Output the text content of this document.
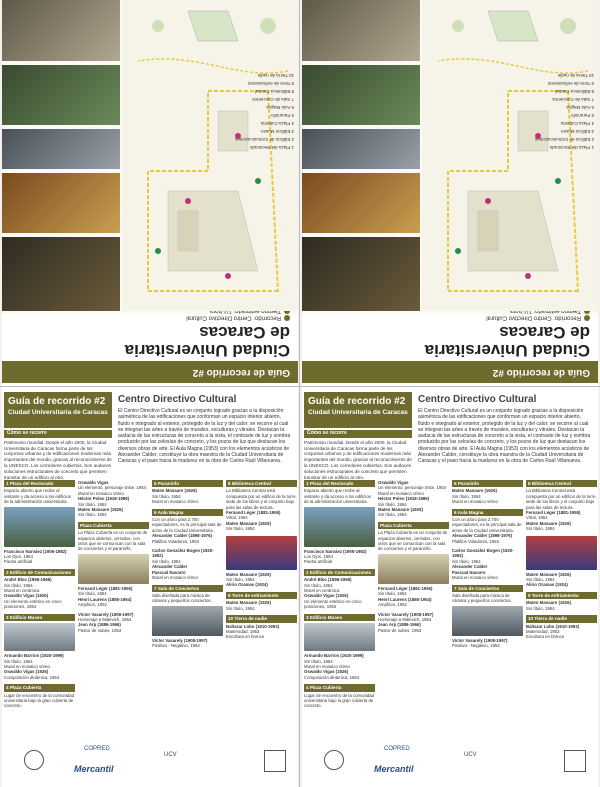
Guía de recorrido #2
Ciudad Universitaria
de Caracas
Recorrido: Centro Directivo Cultural
1 Plaza del Rectorado
2 Edificio de Comunicaciones
3 Edificio Museo
4 Plaza Cubierta
5 Paraninfo
6 Aula Magna
7 Sala de Conciertos
8 Biblioteca Central
9 Torre de enfriamiento
10 Tierra de nadie
Guía de recorrido #2
Ciudad Universitaria de Caracas
Centro Directivo Cultural
El Centro Directivo Cultural es un conjunto logrado gracias a la disposición asimétrica de las edificaciones que conforman un espacio interior abierto, fluido e integrado al exterior, protegido de la luz y del calor; se recorre al cual se integran las artes a través de murales, esculturas y vitrales. Destacan la audacia de las estructuras de concreto a la vista, el contraste de luz y sombra producido por las celosías de concreto, y los pozos de luz que destacan los diversos obras de arte. El Aula Magna (1953) con los elementos acústicos de Alexander Calder, constituye la obra maestra de la Ciudad Universitaria de Caracas y el paso hacia la madurez en la obra de Carlos Raúl Villanueva.
Cómo se recorre
Patrimonio mundial. Desde el año 2000, la Ciudad Universitaria de Caracas forma parte de los conjuntos urbanos y de edificaciones modernas más importantes del mundo, gracias al reconocimiento de la UNESCO. Los corredores cubiertos. Son audaces soluciones estructurales de concreto que permiten transitar de un edificio al otro.
1 Plaza del Rectorado
Espacio abierto que recibe al visitante y da acceso a los edificios de la administración universitaria.
Francisco Narváez (1905-1982)
Los Ojos, 1954
Piedra artificial
2 Edificio de Comunicaciones
André Bloc (1896-1966)
Sin título, 1954
Mural en cerámica
Oswaldo Vigas (1926)
Un elemento estético en cinco posiciones, 1954
3 Edificio Museo
Armando Barrios (1920-1999)
Sin título, 1954
Mural en mosaico vítreo
Oswaldo Vigas (1926)
Composición dinámica, 1954
4 Plaza Cubierta
Lugar de encuentro de la comunidad universitaria bajo la gran cubierta de concreto.
Oswaldo Vigas
Un elemento, personaje triste, 1954
Mural en mosaico vítreo
Héctor Poleo (1918-1989)
Sin título, 1954
Mateo Manaure (1926)
Sin título, 1954
Plaza Cubierta
La Plaza Cubierta es un conjunto de espacios abiertos, cerrados, con otros que se comunican con la sala de conciertos y el paraninfo.
Fernand Léger (1881-1955)
Sin título, 1954
Henri Laurens (1885-1954)
Amphion, 1952
Víctor Vasarely (1908-1997)
Homenaje a Malevich, 1954
Jean Arp (1886-1966)
Pastor de nubes, 1953
5 Paraninfo
Mateo Manaure (1926)
Sin título, 1954
Mural en mosaico vítreo
6 Aula Magna
Con un aforo para 2.700 espectadores, es la principal sala de actos de la Ciudad Universitaria.
Alexander Calder (1898-1976)
Platillos Voladores, 1953
Carlos González Bogen (1920-1992)
Sin título, 1954
Alexander Calder
Pascual Navarro
Mural en mosaico vítreo
7 Sala de Conciertos
Sala diseñada para música de cámara y pequeños conciertos.
Víctor Vasarely (1908-1997)
Positivo - Negativo, 1954
8 Biblioteca Central
La Biblioteca Central está compuesta por un edificio de la torre, sede de los libros y el conjunto bajo para las salas de lectura.
Fernand Léger (1881-1955)
Vitral, 1954
Mateo Manaure (1926)
Sin título, 1954
Mateo Manaure (1926)
Sin título, 1954
Alirio Oramas (1924)
9 Torre de enfriamiento
Mateo Manaure (1926)
Sin título, 1954
10 Tierra de nadie
Baltazar Lobo (1910-1993)
Maternidad, 1953
Escultura en bronce
COPRED
Mercantil
UCV
Guía de recorrido #2
Ciudad Universitaria
de Caracas
Recorrido: Centro Directivo Cultural
1 Plaza del Rectorado
2 Edificio de Comunicaciones
3 Edificio Museo
4 Plaza Cubierta
5 Paraninfo
6 Aula Magna
7 Sala de Conciertos
8 Biblioteca Central
9 Torre de enfriamiento
10 Tierra de nadie
Guía de recorrido #2
Ciudad Universitaria de Caracas
Centro Directivo Cultural
El Centro Directivo Cultural es un conjunto logrado gracias a la disposición asimétrica de las edificaciones que conforman un espacio interior abierto, fluido e integrado al exterior, protegido de la luz y del calor; se recorre al cual se integran las artes a través de murales, esculturas y vitrales. Destacan la audacia de las estructuras de concreto a la vista, el contraste de luz y sombra producido por las celosías de concreto, y los pozos de luz que destacan los diversos obras de arte. El Aula Magna (1953) con los elementos acústicos de Alexander Calder, constituye la obra maestra de la Ciudad Universitaria de Caracas y el paso hacia la madurez en la obra de Carlos Raúl Villanueva.
Cómo se recorre
Patrimonio mundial. Desde el año 2000, la Ciudad Universitaria de Caracas forma parte de los conjuntos urbanos y de edificaciones modernas más importantes del mundo, gracias al reconocimiento de la UNESCO. Los corredores cubiertos. Son audaces soluciones estructurales de concreto que permiten transitar de un edificio al otro.
1 Plaza del Rectorado
Espacio abierto que recibe al visitante y da acceso a los edificios de la administración universitaria.
Francisco Narváez (1905-1982)
Los Ojos, 1954
Piedra artificial
2 Edificio de Comunicaciones
André Bloc (1896-1966)
Sin título, 1954
Mural en cerámica
Oswaldo Vigas (1926)
Un elemento estético en cinco posiciones, 1954
3 Edificio Museo
Armando Barrios (1920-1999)
Sin título, 1954
Mural en mosaico vítreo
Oswaldo Vigas (1926)
Composición dinámica, 1954
4 Plaza Cubierta
Lugar de encuentro de la comunidad universitaria bajo la gran cubierta de concreto.
Oswaldo Vigas
Un elemento, personaje triste, 1954
Mural en mosaico vítreo
Héctor Poleo (1918-1989)
Sin título, 1954
Mateo Manaure (1926)
Sin título, 1954
Plaza Cubierta
La Plaza Cubierta es un conjunto de espacios abiertos, cerrados, con otros que se comunican con la sala de conciertos y el paraninfo.
Fernand Léger (1881-1955)
Sin título, 1954
Henri Laurens (1885-1954)
Amphion, 1952
Víctor Vasarely (1908-1997)
Homenaje a Malevich, 1954
Jean Arp (1886-1966)
Pastor de nubes, 1953
5 Paraninfo
Mateo Manaure (1926)
Sin título, 1954
Mural en mosaico vítreo
6 Aula Magna
Con un aforo para 2.700 espectadores, es la principal sala de actos de la Ciudad Universitaria.
Alexander Calder (1898-1976)
Platillos Voladores, 1953
Carlos González Bogen (1920-1992)
Sin título, 1954
Alexander Calder
Pascual Navarro
Mural en mosaico vítreo
7 Sala de Conciertos
Sala diseñada para música de cámara y pequeños conciertos.
Víctor Vasarely (1908-1997)
Positivo - Negativo, 1954
8 Biblioteca Central
La Biblioteca Central está compuesta por un edificio de la torre, sede de los libros y el conjunto bajo para las salas de lectura.
Fernand Léger (1881-1955)
Vitral, 1954
Mateo Manaure (1926)
Sin título, 1954
Mateo Manaure (1926)
Sin título, 1954
Alirio Oramas (1924)
9 Torre de enfriamiento
Mateo Manaure (1926)
Sin título, 1954
10 Tierra de nadie
Baltazar Lobo (1910-1993)
Maternidad, 1953
Escultura en bronce
COPRED
Mercantil
UCV
